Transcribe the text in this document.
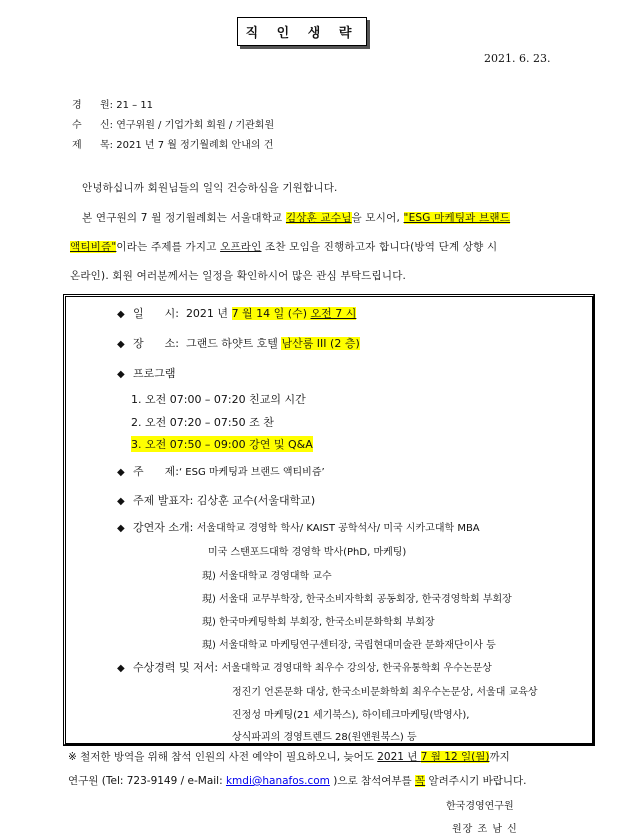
직 인 생 략
2021. 6. 23.
경 원: 21 – 11
수 신: 연구위원 / 기업가회 회원 / 기관회원
제 목: 2021 년 7 월 정기월례회 안내의 건
안녕하십니까 회원님들의 일익 건승하심을 기원합니다.
본 연구원의 7 월 정기월례회는 서울대학교 김상훈 교수님을 모시어, "ESG 마케팅과 브랜드
액티비즘"이라는 주제를 가지고 오프라인 조찬 모임을 진행하고자 합니다(방역 단계 상향 시
온라인). 회원 여러분께서는 일정을 확인하시어 많은 관심 부탁드립니다.
◆ 일      시: 2021 년 7 월 14 일 (수) 오전 7 시
◆ 장      소: 그랜드 하얏트 호텔 남산룸 III (2 층)
◆ 프로그램
1. 오전 07:00 – 07:20 친교의 시간
2. 오전 07:20 – 07:50 조 찬
3. 오전 07:50 – 09:00 강연 및 Q&A
◆ 주      제:‘ ESG 마케팅과 브랜드 액티비즘’
◆ 주제 발표자: 김상훈 교수(서울대학교)
◆ 강연자 소개: 서울대학교 경영학 학사/ KAIST 공학석사/ 미국 시카고대학 MBA
미국 스탠포드대학 경영학 박사(PhD, 마케팅)
現) 서울대학교 경영대학 교수
現) 서울대 교무부학장, 한국소비자학회 공동회장, 한국경영학회 부회장
現) 한국마케팅학회 부회장, 한국소비문화학회 부회장
現) 서울대학교 마케팅연구센터장, 국립현대미술관 문화재단이사 등
◆ 수상경력 및 저서: 서울대학교 경영대학 최우수 강의상, 한국유통학회 우수논문상
정진기 언론문화 대상, 한국소비문화학회 최우수논문상, 서울대 교육상
진정성 마케팅(21 세기북스), 하이테크마케팅(박영사),
상식파괴의 경영트렌드 28(원앤원북스) 등
※ 철저한 방역을 위해 참석 인원의 사전 예약이 필요하오니, 늦어도 2021 년 7 월 12 일(월)까지
연구원 (Tel: 723-9149 / e-Mail: kmdi@hanafos.com )으로 참석여부를 꼭 알려주시기 바랍니다.
한국경영연구원
원장 조 남 신
